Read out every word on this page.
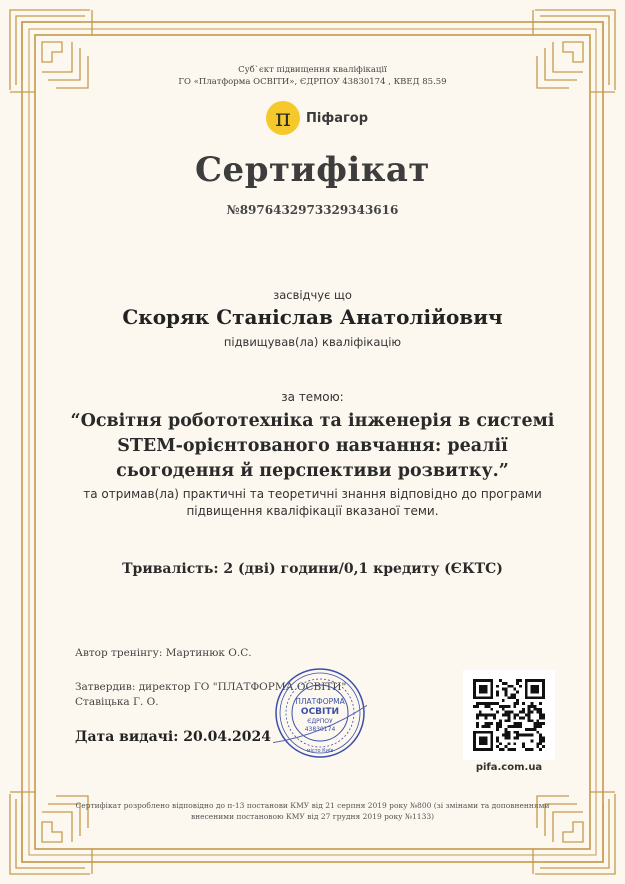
Суб`єкт підвищення кваліфікації
ГО «Платформа ОСВІТИ», ЄДРПОУ 43830174 , КВЕД 85.59
π	Піфагор
Сертифікат
№8976432973329343616
засвідчує що
Скоряк Станіслав Анатолійович
підвищував(ла) кваліфікацію
за темою:
“Освітня робототехніка та інженерія в системі
STEM-орієнтованого навчання: реалії
сьогодення й перспективи розвитку.”
та отримав(ла) практичні та теоретичні знання відповідно до програми
підвищення кваліфікації вказаної теми.
Тривалість: 2 (дві) години/0,1 кредиту (ЄКТС)
Автор тренінгу: Мартинюк О.С.
Затвердив: директор ГО "ПЛАТФОРМА ОСВІТИ"
Ставіцька Г. О.
Дата видачі: 20.04.2024
ПЛАТФОРМА
ОСВІТИ
ЄДРПОУ
43830174
місто Київ
pifa.com.ua
Сертифікат розроблено відповідно до п-13 постанови КМУ від 21 серпня 2019 року №800 (зі змінами та доповненнями
внесеними постановою КМУ від 27 грудня 2019 року №1133)
